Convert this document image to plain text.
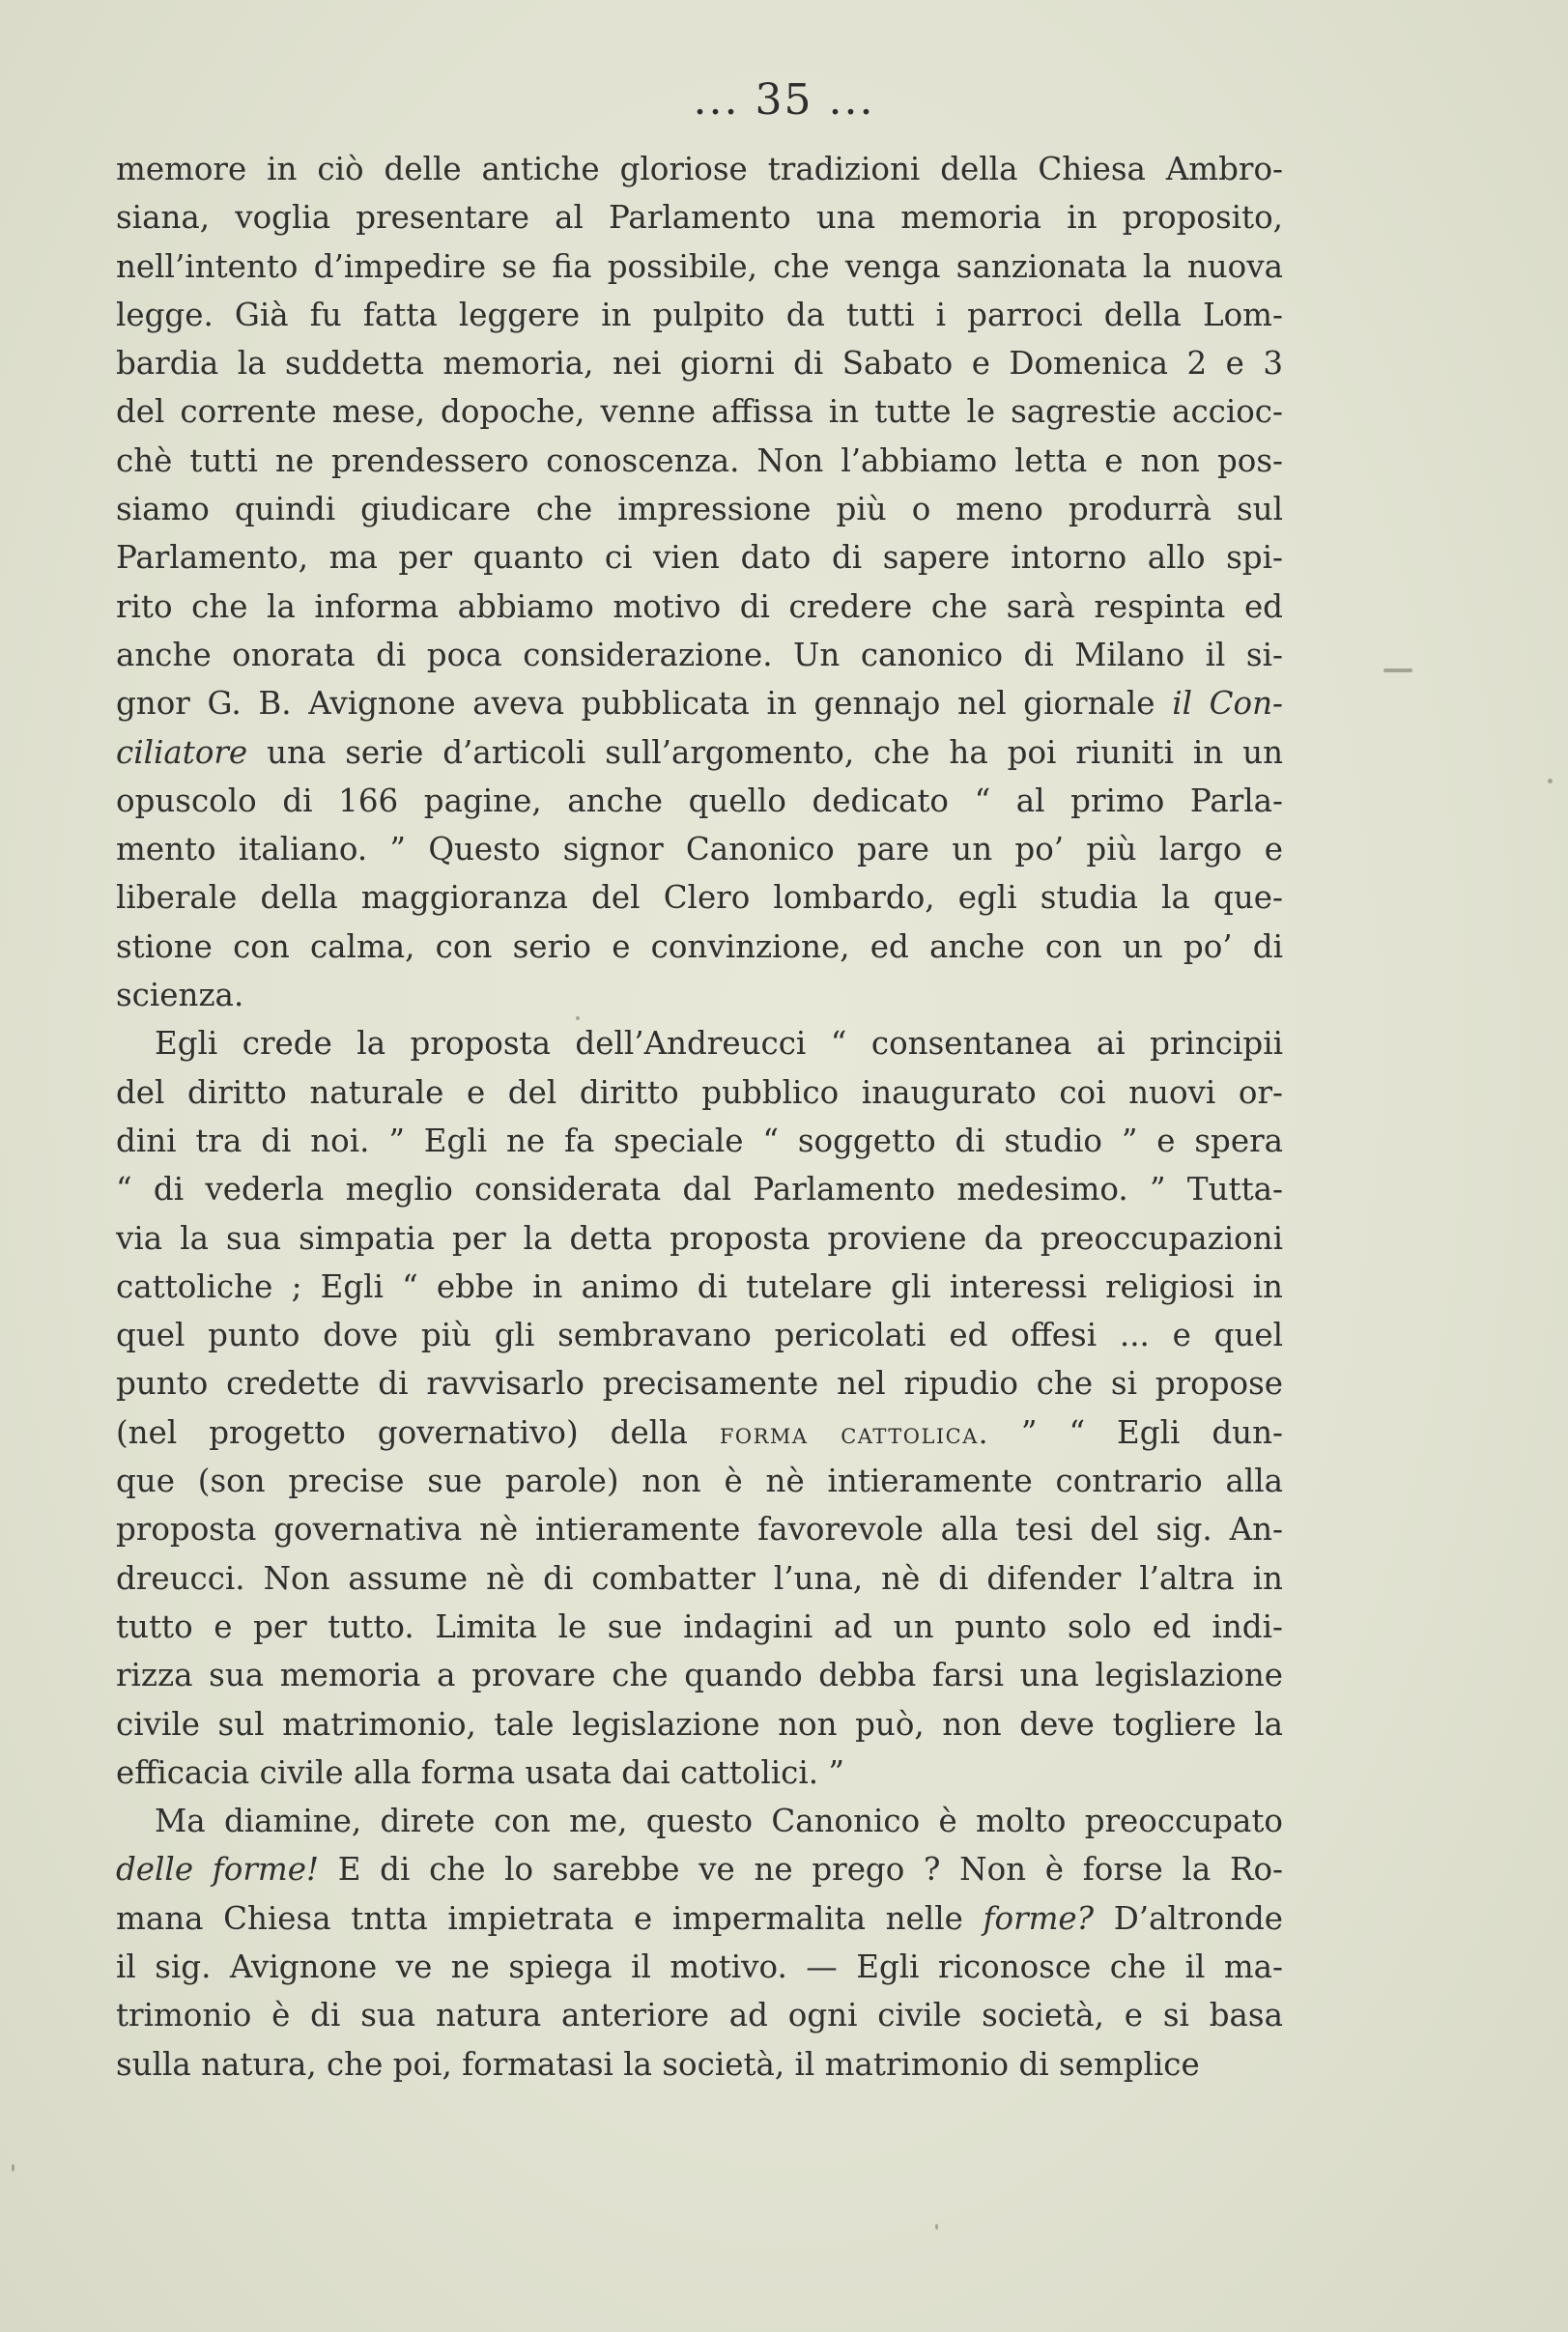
... 35 ...
memore in ciò delle antiche gloriose tradizioni della Chiesa Ambro-
siana, voglia presentare al Parlamento una memoria in proposito,
nell’intento d’impedire se fia possibile, che venga sanzionata la nuova
legge. Già fu fatta leggere in pulpito da tutti i parroci della Lom-
bardia la suddetta memoria, nei giorni di Sabato e Domenica 2 e 3
del corrente mese, dopoche, venne affissa in tutte le sagrestie accioc-
chè tutti ne prendessero conoscenza. Non l’abbiamo letta e non pos-
siamo quindi giudicare che impressione più o meno produrrà sul
Parlamento, ma per quanto ci vien dato di sapere intorno allo spi-
rito che la informa abbiamo motivo di credere che sarà respinta ed
anche onorata di poca considerazione. Un canonico di Milano il si-
gnor G. B. Avignone aveva pubblicata in gennajo nel giornale il Con-
ciliatore una serie d’articoli sull’argomento, che ha poi riuniti in un
opuscolo di 166 pagine, anche quello dedicato “ al primo Parla-
mento italiano. ” Questo signor Canonico pare un po’ più largo e
liberale della maggioranza del Clero lombardo, egli studia la que-
stione con calma, con serio e convinzione, ed anche con un po’ di
scienza.
Egli crede la proposta dell’Andreucci “ consentanea ai principii
del diritto naturale e del diritto pubblico inaugurato coi nuovi or-
dini tra di noi. ” Egli ne fa speciale “ soggetto di studio ” e spera
“ di vederla meglio considerata dal Parlamento medesimo. ” Tutta-
via la sua simpatia per la detta proposta proviene da preoccupazioni
cattoliche ; Egli “ ebbe in animo di tutelare gli interessi religiosi in
quel punto dove più gli sembravano pericolati ed offesi ... e quel
punto credette di ravvisarlo precisamente nel ripudio che si propose
(nel progetto governativo) della forma cattolica. ” “ Egli dun-
que (son precise sue parole) non è nè intieramente contrario alla
proposta governativa nè intieramente favorevole alla tesi del sig. An-
dreucci. Non assume nè di combatter l’una, nè di difender l’altra in
tutto e per tutto. Limita le sue indagini ad un punto solo ed indi-
rizza sua memoria a provare che quando debba farsi una legislazione
civile sul matrimonio, tale legislazione non può, non deve togliere la
efficacia civile alla forma usata dai cattolici. ”
Ma diamine, direte con me, questo Canonico è molto preoccupato
delle forme! E di che lo sarebbe ve ne prego ? Non è forse la Ro-
mana Chiesa tntta impietrata e impermalita nelle forme? D’altronde
il sig. Avignone ve ne spiega il motivo. — Egli riconosce che il ma-
trimonio è di sua natura anteriore ad ogni civile società, e si basa
sulla natura, che poi, formatasi la società, il matrimonio di semplice
